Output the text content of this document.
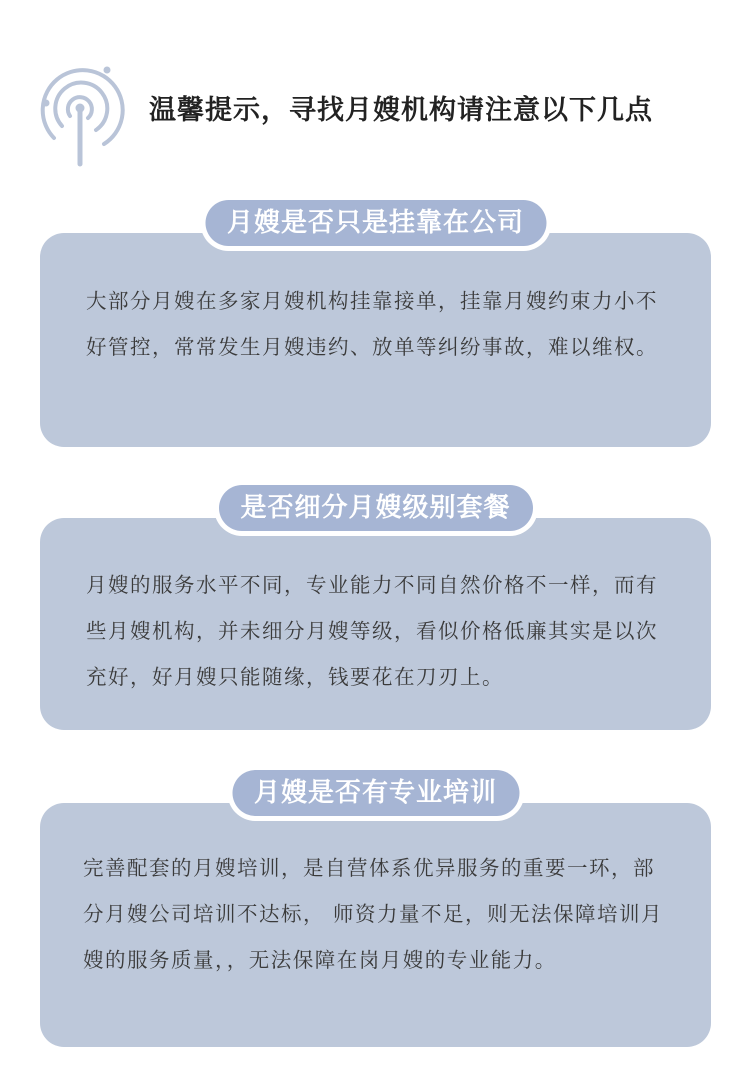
温馨提示，寻找月嫂机构请注意以下几点
月嫂是否只是挂靠在公司
大部分月嫂在多家月嫂机构挂靠接单，挂靠月嫂约束力小不好管控，常常发生月嫂违约、放单等纠纷事故，难以维权。
是否细分月嫂级别套餐
月嫂的服务水平不同，专业能力不同自然价格不一样，而有些月嫂机构，并未细分月嫂等级，看似价格低廉其实是以次充好，好月嫂只能随缘，钱要花在刀刃上。
月嫂是否有专业培训
完善配套的月嫂培训，是自营体系优异服务的重要一环，部分月嫂公司培训不达标， 师资力量不足，则无法保障培训月嫂的服务质量，，无法保障在岗月嫂的专业能力。
